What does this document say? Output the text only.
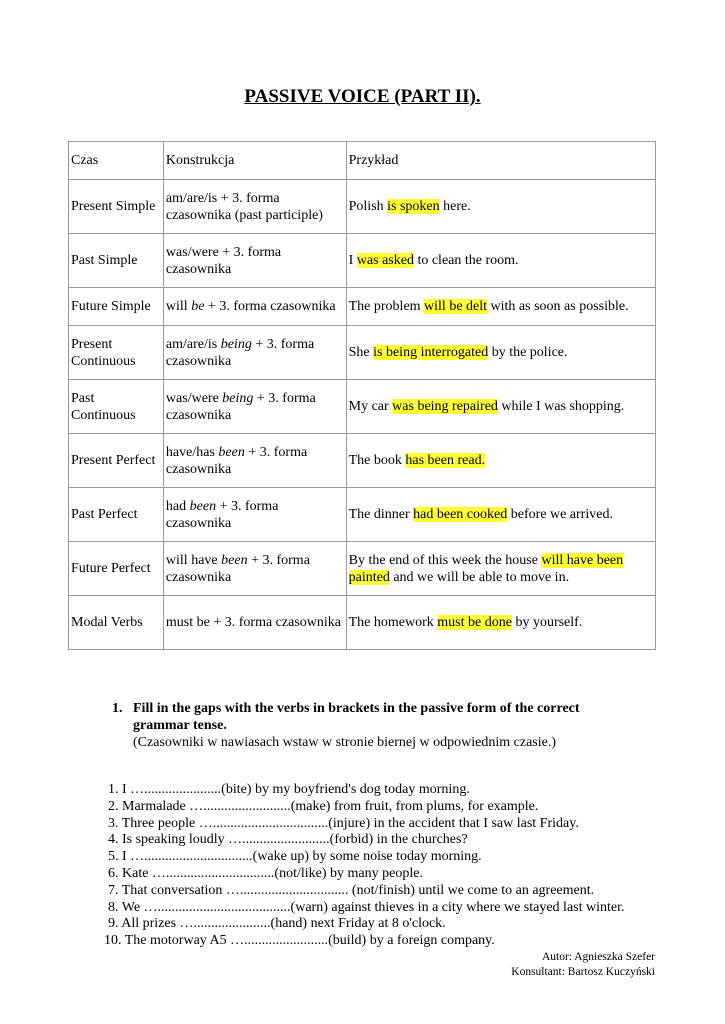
PASSIVE VOICE (PART II).
Czas	Konstrukcja	Przykład
Present Simple	am/are/is + 3. forma czasownika (past participle)	Polish is spoken here.
Past Simple	was/were + 3. forma czasownika	I was asked to clean the room.
Future Simple	will be + 3. forma czasownika	The problem will be delt with as soon as possible.
Present Continuous	am/are/is being + 3. forma czasownika	She is being interrogated by the police.
Past Continuous	was/were being + 3. forma czasownika	My car was being repaired while I was shopping.
Present Perfect	have/has been + 3. forma czasownika	The book has been read.
Past Perfect	had been + 3. forma czasownika	The dinner had been cooked before we arrived.
Future Perfect	will have been + 3. forma czasownika	By the end of this week the house will have been painted and we will be able to move in.
Modal Verbs	must be + 3. forma czasownika	The homework must be done by yourself.
1. Fill in the gaps with the verbs in brackets in the passive form of the correct grammar tense.
(Czasowniki w nawiasach wstaw w stronie biernej w odpowiednim czasie.)
1. I …......................(bite) by my boyfriend's dog today morning.
2. Marmalade ….........................(make) from fruit, from plums, for example.
3. Three people ….................................(injure) in the accident that I saw last Friday.
4. Is speaking loudly ….........................(forbid) in the churches?
5. I …...............................(wake up) by some noise today morning.
6. Kate …...............................(not/like) by many people.
7. That conversation …............................... (not/finish) until we come to an agreement.
8. We …......................................(warn) against thieves in a city where we stayed last winter.
9. All prizes …......................(hand) next Friday at 8 o'clock.
10. The motorway A5 …........................(build) by a foreign company.
Autor: Agnieszka Szefer
Konsultant: Bartosz Kuczyński
